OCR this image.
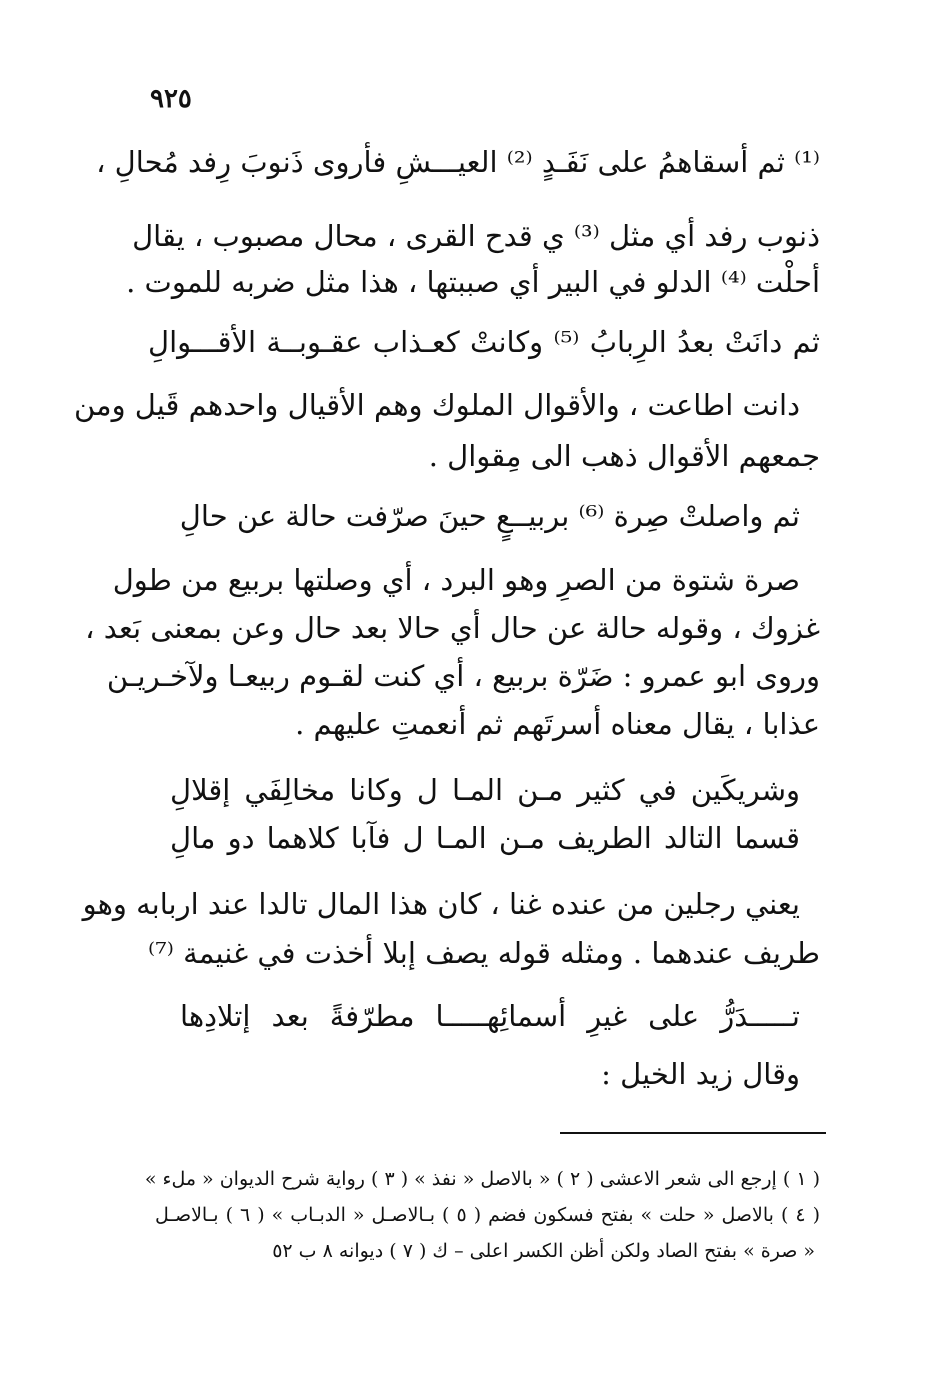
٩٢٥
⁽¹⁾ ثم أسقاهمُ على نَفَـدٍ ⁽²⁾ العيـــشِ فأروى ذَنوبَ رِفد مُحالِ ،
ذنوب رفد أي مثل ⁽³⁾ ي قدح القرى ، محال مصبوب ، يقال
أحلْت ⁽⁴⁾ الدلو في البير أي صببتها ، هذا مثل ضربه للموت .
ثم دانَتْ بعدُ الرِبابُ ⁽⁵⁾ وكانتْ كعـذاب عقـوبــة الأقـــوالِ
دانت اطاعت ، والأقوال الملوك وهم الأقيال واحدهم قَيل ومن
جمعهم الأقوال ذهب الى مِقوال .
ثم واصلتْ صِرة ⁽⁶⁾ بربيــعٍ حينَ صرّفت حالة عن حالِ
صرة شتوة من الصرِ وهو البرد ، أي وصلتها بربيع من طول
غزوك ، وقوله حالة عن حال أي حالا بعد حال وعن بمعنى بَعد ،
وروى ابو عمرو : ضَرّة بربيع ، أي كنت لقـوم ربيعـا ولآخـريـن
عذابا ، يقال معناه أسرتَهم ثم أنعمتِ عليهم .
وشريكَين في كثير مـن المـا ل وكانا مخالِفَي إقلالِ
قسما التالد الطريف مـن المـا ل فآبا كلاهما دو مالِ
يعني رجلين من عنده غنا ، كان هذا المال تالدا عند اربابه وهو
طريف عندهما . ومثله قوله يصف إبلا أخذت في غنيمة ⁽⁷⁾
تـــــدَرُّ على غيرِ أسمائِهـــــا مطرّفةً بعد إتلادِها
وقال زيد الخيل :
( ١ ) إرجع الى شعر الاعشى ( ٢ ) « بالاصل « نفذ » ( ٣ ) رواية شرح الديوان « ملء »
( ٤ ) بالاصل « حلت » بفتح فسكون فضم ( ٥ ) بـالاصـل « الدبـاب » ( ٦ ) بـالاصـل
« صرة » بفتح الصاد ولكن أظن الكسر اعلى – ك ( ٧ ) ديوانه ٨ ب ٥٢
